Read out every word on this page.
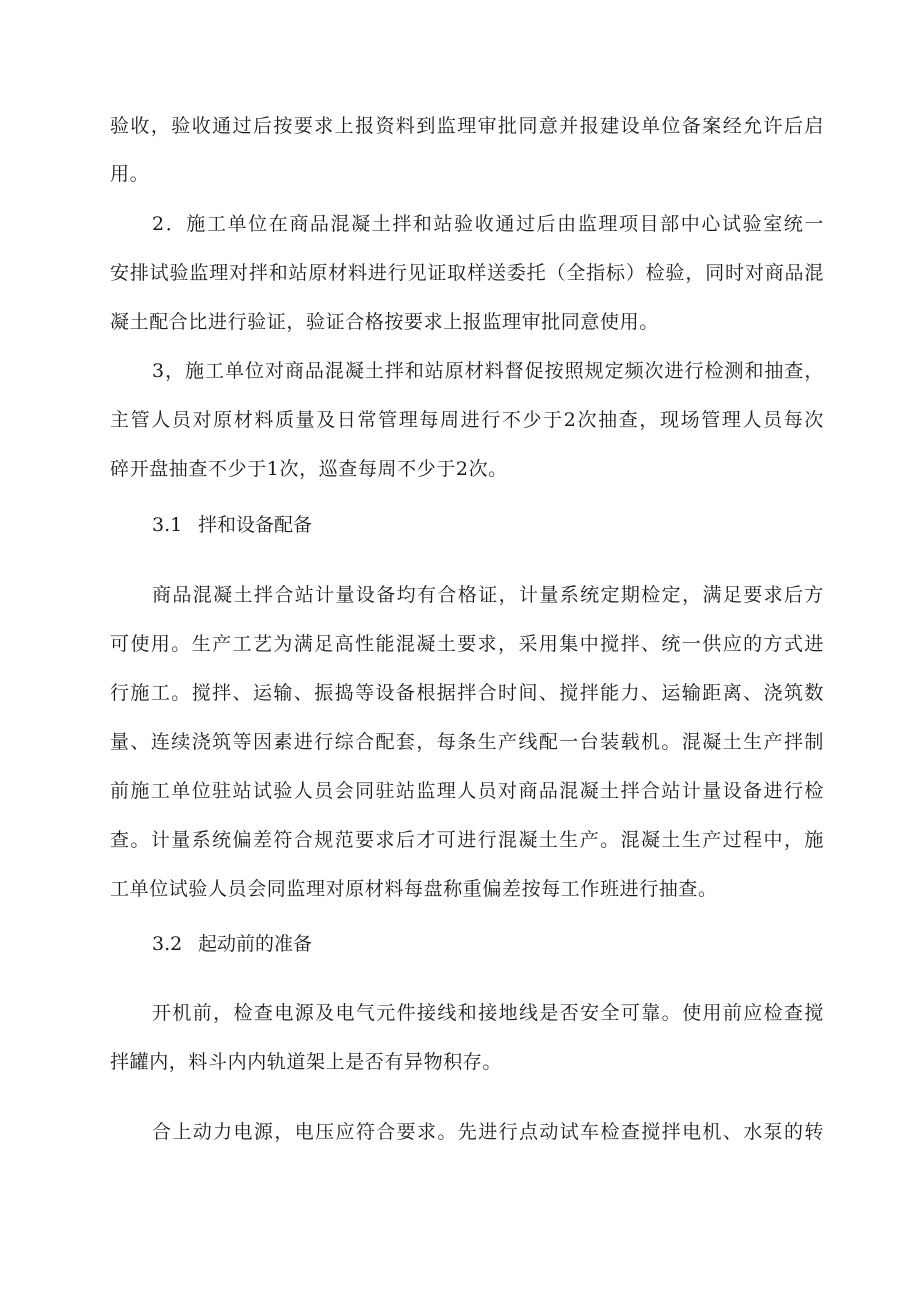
验收，验收通过后按要求上报资料到监理审批同意并报建设单位备案经允许后启
用。
2．施工单位在商品混凝土拌和站验收通过后由监理项目部中心试验室统一
安排试验监理对拌和站原材料进行见证取样送委托（全指标）检验，同时对商品混
凝土配合比进行验证，验证合格按要求上报监理审批同意使用。
3，施工单位对商品混凝土拌和站原材料督促按照规定频次进行检测和抽查，
主管人员对原材料质量及日常管理每周进行不少于2次抽查，现场管理人员每次
碎开盘抽查不少于1次，巡查每周不少于2次。
3.1 拌和设备配备
商品混凝土拌合站计量设备均有合格证，计量系统定期检定，满足要求后方
可使用。生产工艺为满足高性能混凝土要求，采用集中搅拌、统一供应的方式进
行施工。搅拌、运输、振捣等设备根据拌合时间、搅拌能力、运输距离、浇筑数
量、连续浇筑等因素进行综合配套，每条生产线配一台装载机。混凝土生产拌制
前施工单位驻站试验人员会同驻站监理人员对商品混凝土拌合站计量设备进行检
查。计量系统偏差符合规范要求后才可进行混凝土生产。混凝土生产过程中，施
工单位试验人员会同监理对原材料每盘称重偏差按每工作班进行抽查。
3.2 起动前的准备
开机前，检查电源及电气元件接线和接地线是否安全可靠。使用前应检查搅
拌罐内，料斗内内轨道架上是否有异物积存。
合上动力电源，电压应符合要求。先进行点动试车检查搅拌电机、水泵的转
